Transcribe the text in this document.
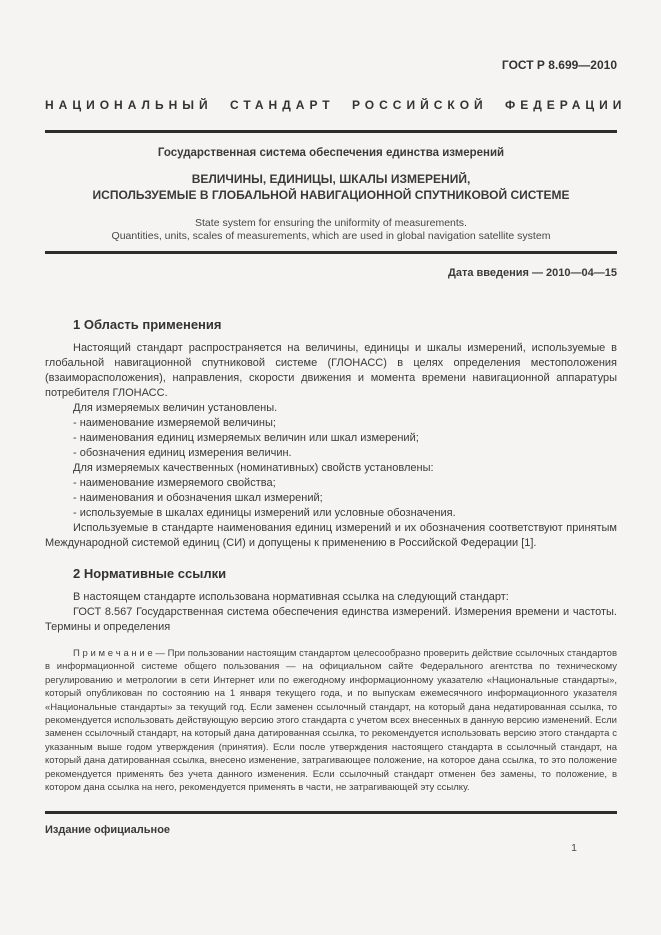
ГОСТ Р 8.699—2010
НАЦИОНАЛЬНЫЙ СТАНДАРТ РОССИЙСКОЙ ФЕДЕРАЦИИ
Государственная система обеспечения единства измерений
ВЕЛИЧИНЫ, ЕДИНИЦЫ, ШКАЛЫ ИЗМЕРЕНИЙ,
ИСПОЛЬЗУЕМЫЕ В ГЛОБАЛЬНОЙ НАВИГАЦИОННОЙ СПУТНИКОВОЙ СИСТЕМЕ
State system for ensuring the uniformity of measurements.
Quantities, units, scales of measurements, which are used in global navigation satellite system
Дата введения — 2010—04—15
1 Область применения
Настоящий стандарт распространяется на величины, единицы и шкалы измерений, используемые в глобальной навигационной спутниковой системе (ГЛОНАСС) в целях определения местоположения (взаиморасположения), направления, скорости движения и момента времени навигационной аппаратуры потребителя ГЛОНАСС.
Для измеряемых величин установлены.
- наименование измеряемой величины;
- наименования единиц измеряемых величин или шкал измерений;
- обозначения единиц измерения величин.
Для измеряемых качественных (номинативных) свойств установлены:
- наименование измеряемого свойства;
- наименования и обозначения шкал измерений;
- используемые в шкалах единицы измерений или условные обозначения.
Используемые в стандарте наименования единиц измерений и их обозначения соответствуют принятым Международной системой единиц (СИ) и допущены к применению в Российской Федерации [1].
2 Нормативные ссылки
В настоящем стандарте использована нормативная ссылка на следующий стандарт:
ГОСТ 8.567 Государственная система обеспечения единства измерений. Измерения времени и частоты. Термины и определения
П р и м е ч а н и е — При пользовании настоящим стандартом целесообразно проверить действие ссылочных стандартов в информационной системе общего пользования — на официальном сайте Федерального агентства по техническому регулированию и метрологии в сети Интернет или по ежегодному информационному указателю «Национальные стандарты», который опубликован по состоянию на 1 января текущего года, и по выпускам ежемесячного информационного указателя «Национальные стандарты» за текущий год. Если заменен ссылочный стандарт, на который дана недатированная ссылка, то рекомендуется использовать действующую версию этого стандарта с учетом всех внесенных в данную версию изменений. Если заменен ссылочный стандарт, на который дана датированная ссылка, то рекомендуется использовать версию этого стандарта с указанным выше годом утверждения (принятия). Если после утверждения настоящего стандарта в ссылочный стандарт, на который дана датированная ссылка, внесено изменение, затрагивающее положение, на которое дана ссылка, то это положение рекомендуется применять без учета данного изменения. Если ссылочный стандарт отменен без замены, то положение, в котором дана ссылка на него, рекомендуется применять в части, не затрагивающей эту ссылку.
Издание официальное
1
